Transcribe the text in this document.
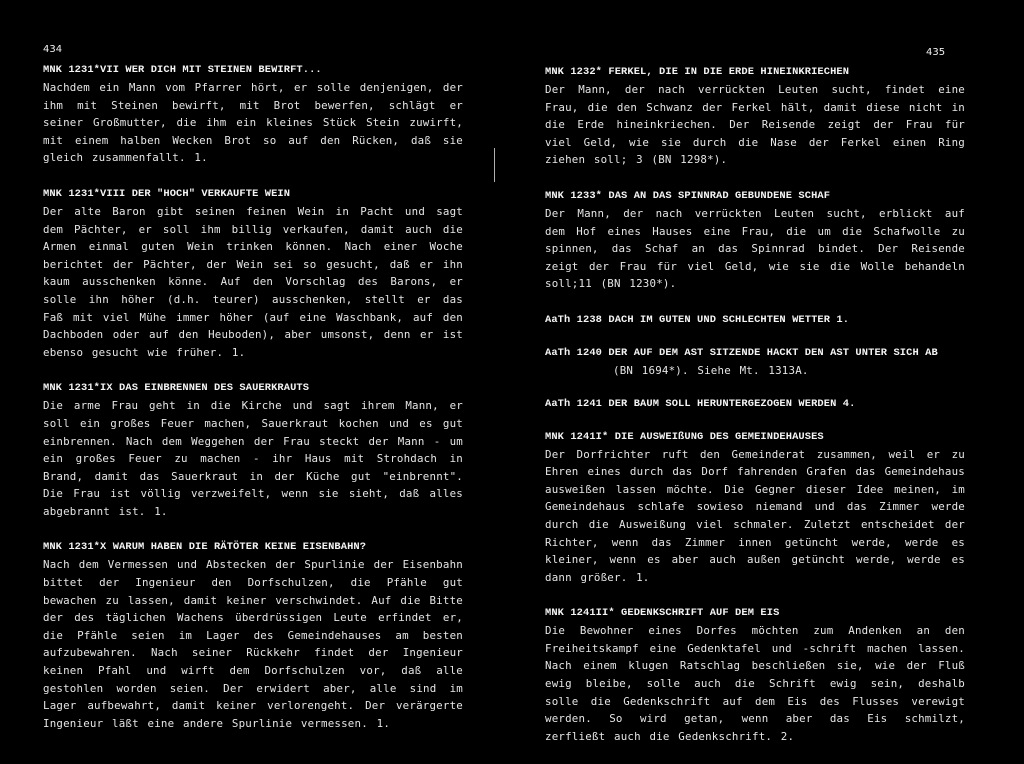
434	435
MNK 1231*VII WER DICH MIT STEINEN BEWIRFT...
Nachdem ein Mann vom Pfarrer hört, er solle denjenigen, der ihm mit Steinen bewirft, mit Brot bewerfen, schlägt er seiner Großmutter, die ihm ein kleines Stück Stein zuwirft, mit einem halben Wecken Brot so auf den Rücken, daß sie gleich zusammenfallt. 1.
MNK 1231*VIII DER "HOCH" VERKAUFTE WEIN
Der alte Baron gibt seinen feinen Wein in Pacht und sagt dem Pächter, er soll ihm billig verkaufen, damit auch die Armen einmal guten Wein trinken können. Nach einer Woche berichtet der Pächter, der Wein sei so gesucht, daß er ihn kaum ausschenken könne. Auf den Vorschlag des Barons, er solle ihn höher (d.h. teurer) ausschenken, stellt er das Faß mit viel Mühe immer höher (auf eine Waschbank, auf den Dachboden oder auf den Heuboden), aber umsonst, denn er ist ebenso gesucht wie früher. 1.
MNK 1231*IX DAS EINBRENNEN DES SAUERKRAUTS
Die arme Frau geht in die Kirche und sagt ihrem Mann, er soll ein großes Feuer machen, Sauerkraut kochen und es gut einbrennen. Nach dem Weggehen der Frau steckt der Mann - um ein großes Feuer zu machen - ihr Haus mit Strohdach in Brand, damit das Sauerkraut in der Küche gut "einbrennt". Die Frau ist völlig verzweifelt, wenn sie sieht, daß alles abgebrannt ist. 1.
MNK 1231*X WARUM HABEN DIE RÄTÖTER KEINE EISENBAHN?
Nach dem Vermessen und Abstecken der Spurlinie der Eisenbahn bittet der Ingenieur den Dorfschulzen, die Pfähle gut bewachen zu lassen, damit keiner verschwindet. Auf die Bitte der des täglichen Wachens überdrüssigen Leute erfindet er, die Pfähle seien im Lager des Gemeindehauses am besten aufzubewahren. Nach seiner Rückkehr findet der Ingenieur keinen Pfahl und wirft dem Dorfschulzen vor, daß alle gestohlen worden seien. Der erwidert aber, alle sind im Lager aufbewahrt, damit keiner verlorengeht. Der verärgerte Ingenieur läßt eine andere Spurlinie vermessen. 1.
MNK 1232* FERKEL, DIE IN DIE ERDE HINEINKRIECHEN
Der Mann, der nach verrückten Leuten sucht, findet eine Frau, die den Schwanz der Ferkel hält, damit diese nicht in die Erde hineinkriechen. Der Reisende zeigt der Frau für viel Geld, wie sie durch die Nase der Ferkel einen Ring ziehen soll; 3 (BN 1298*).
MNK 1233* DAS AN DAS SPINNRAD GEBUNDENE SCHAF
Der Mann, der nach verrückten Leuten sucht, erblickt auf dem Hof eines Hauses eine Frau, die um die Schafwolle zu spinnen, das Schaf an das Spinnrad bindet. Der Reisende zeigt der Frau für viel Geld, wie sie die Wolle behandeln soll;11 (BN 1230*).
AaTh 1238 DACH IM GUTEN UND SCHLECHTEN WETTER 1.
AaTh 1240 DER AUF DEM AST SITZENDE HACKT DEN AST UNTER SICH AB
(BN 1694*). Siehe Mt. 1313A.
AaTh 1241 DER BAUM SOLL HERUNTERGEZOGEN WERDEN 4.
MNK 1241I* DIE AUSWEIßUNG DES GEMEINDEHAUSES
Der Dorfrichter ruft den Gemeinderat zusammen, weil er zu Ehren eines durch das Dorf fahrenden Grafen das Gemeindehaus ausweißen lassen möchte. Die Gegner dieser Idee meinen, im Gemeindehaus schlafe sowieso niemand und das Zimmer werde durch die Ausweißung viel schmaler. Zuletzt entscheidet der Richter, wenn das Zimmer innen getüncht werde, werde es kleiner, wenn es aber auch außen getüncht werde, werde es dann größer. 1.
MNK 1241II* GEDENKSCHRIFT AUF DEM EIS
Die Bewohner eines Dorfes möchten zum Andenken an den Freiheitskampf eine Gedenktafel und -schrift machen lassen. Nach einem klugen Ratschlag beschließen sie, wie der Fluß ewig bleibe, solle auch die Schrift ewig sein, deshalb solle die Gedenkschrift auf dem Eis des Flusses verewigt werden. So wird getan, wenn aber das Eis schmilzt, zerfließt auch die Gedenkschrift. 2.
